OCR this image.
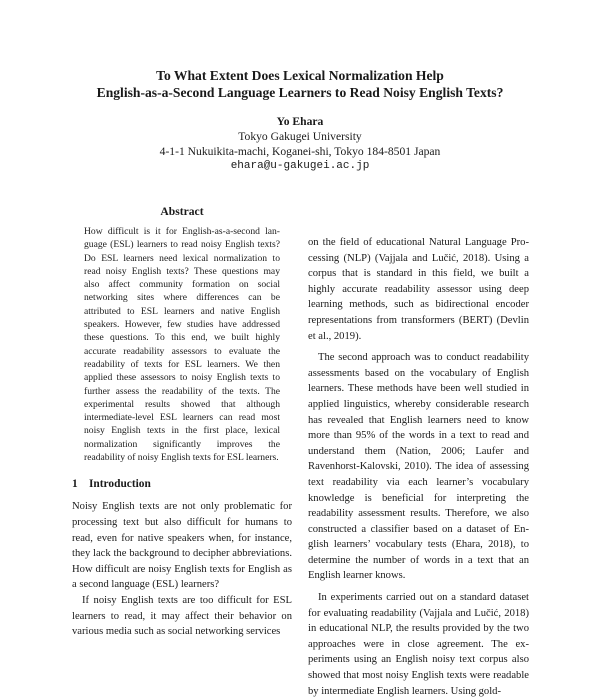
To What Extent Does Lexical Normalization Help
English-as-a-Second Language Learners to Read Noisy English Texts?
Yo Ehara
Tokyo Gakugei University
4-1-1 Nukuikita-machi, Koganei-shi, Tokyo 184-8501 Japan
ehara@u-gakugei.ac.jp
Abstract

How difficult is it for English-as-a-second language (ESL) learners to read noisy English texts? Do ESL learners need lexical normalization to read noisy English texts? These questions may also affect community formation on social networking sites where differences can be attributed to ESL learners and native English speakers. However, few studies have addressed these questions. To this end, we built highly accurate readability assessors to evaluate the readability of texts for ESL learners. We then applied these assessors to noisy English texts to further assess the readability of the texts. The experimental results showed that although intermediate-level ESL learners can read most noisy English texts in the first place, lexical normalization significantly improves the readability of noisy English texts for ESL learners.

1 Introduction

Noisy English texts are not only problematic for processing text but also difficult for humans to read, even for native speakers when, for instance, they lack the background to decipher abbreviations. How difficult are noisy English texts for English as a second language (ESL) learners?

If noisy English texts are too difficult for ESL learners to read, it may affect their behavior on various media such as social networking services

on the field of educational Natural Language Processing (NLP) (Vajjala and Lučić, 2018). Using a corpus that is standard in this field, we built a highly accurate readability assessor using deep learning methods, such as bidirectional encoder representations from transformers (BERT) (Devlin et al., 2019).

The second approach was to conduct readability assessments based on the vocabulary of English learners. These methods have been well studied in applied linguistics, whereby considerable research has revealed that English learners need to know more than 95% of the words in a text to read and understand them (Nation, 2006; Laufer and Ravenhorst-Kalovski, 2010). The idea of assessing text readability via each learner’s vocabulary knowledge is beneficial for interpreting the readability assessment results. Therefore, we also constructed a classifier based on a dataset of English learners’ vocabulary tests (Ehara, 2018), to determine the number of words in a text that an English learner knows.

In experiments carried out on a standard dataset for evaluating readability (Vajjala and Lučić, 2018) in educational NLP, the results provided by the two approaches were in close agreement. The experiments using an English noisy text corpus also showed that most noisy English texts were readable by intermediate English learners. Using gold-
